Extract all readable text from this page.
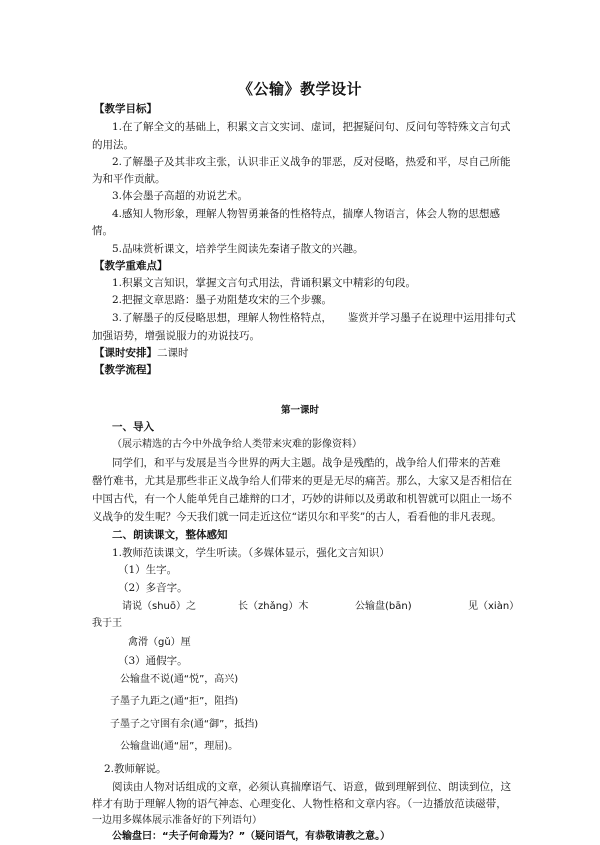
《公输》教学设计
【教学目标】
1.在了解全文的基础上，积累文言文实词、虚词，把握疑问句、反问句等特殊文言句式
的用法。
2.了解墨子及其非攻主张，认识非正义战争的罪恶，反对侵略，热爱和平，尽自己所能
为和平作贡献。
3.体会墨子高超的劝说艺术。
4.感知人物形象，理解人物智勇兼备的性格特点，揣摩人物语言，体会人物的思想感
情。
5.品味赏析课文，培养学生阅读先秦诸子散文的兴趣。
【教学重难点】
1.积累文言知识，掌握文言句式用法，背诵积累文中精彩的句段。
2.把握文章思路：墨子劝阻楚攻宋的三个步骤。
3.了解墨子的反侵略思想，理解人物性格特点，　　鉴赏并学习墨子在说理中运用排句式
加强语势，增强说服力的劝说技巧。
【课时安排】二课时
【教学流程】
第一课时
一、导入
（展示精选的古今中外战争给人类带来灾难的影像资料）
同学们，和平与发展是当今世界的两大主题。战争是残酷的，战争给人们带来的苦难
罄竹难书，尤其是那些非正义战争给人们带来的更是无尽的痛苦。那么，大家又是否相信在
中国古代，有一个人能单凭自己雄辩的口才，巧妙的讲师以及勇敢和机智就可以阻止一场不
义战争的发生呢？今天我们就一同走近这位“诺贝尔和平奖”的古人，看看他的非凡表现。
二、朗读课文，整体感知
1.教师范读课文，学生听读。（多媒体显示，强化文言知识）
（1）生字。
（2）多音字。
请说（shuō）之	长（zhǎng）木	公输盘(bān)	见（xiàn）
我于王
禽滑（gǔ）厘
（3）通假字。
公输盘不说(通“悦”，高兴)
子墨子九距之(通“拒”，阻挡)
子墨子之守圉有余(通“御”，抵挡)
公输盘诎(通“屈”，理屈)。
2.教师解说。
阅读由人物对话组成的文章，必须认真揣摩语气、语意，做到理解到位、朗读到位，这
样才有助于理解人物的语气神态、心理变化、人物性格和文章内容。（一边播放范读磁带，
一边用多媒体展示准备好的下列语句）
公输盘曰：“夫子何命焉为？”（疑问语气，有恭敬请教之意。）
